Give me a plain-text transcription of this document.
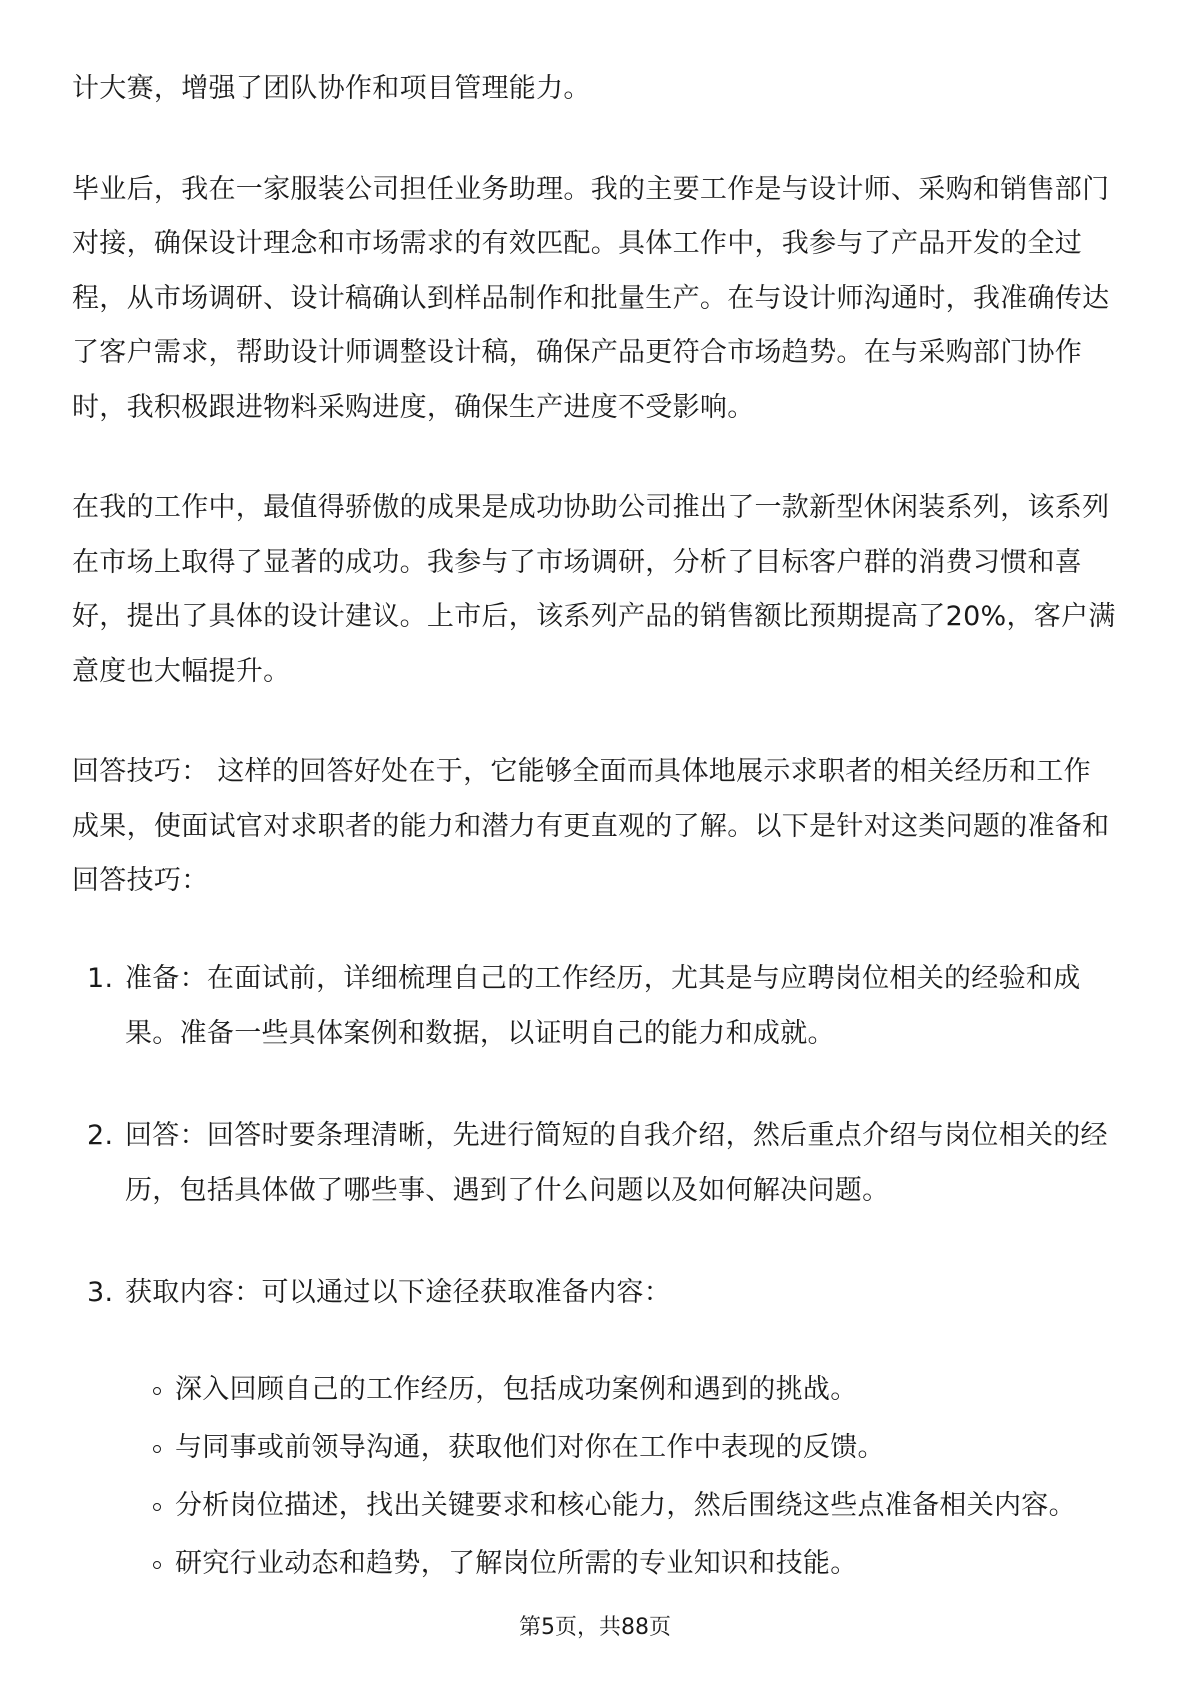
计大赛，增强了团队协作和项目管理能力。

毕业后，我在一家服装公司担任业务助理。我的主要工作是与设计师、采购和销售部门对接，确保设计理念和市场需求的有效匹配。具体工作中，我参与了产品开发的全过程，从市场调研、设计稿确认到样品制作和批量生产。在与设计师沟通时，我准确传达了客户需求，帮助设计师调整设计稿，确保产品更符合市场趋势。在与采购部门协作时，我积极跟进物料采购进度，确保生产进度不受影响。

在我的工作中，最值得骄傲的成果是成功协助公司推出了一款新型休闲装系列，该系列在市场上取得了显著的成功。我参与了市场调研，分析了目标客户群的消费习惯和喜好，提出了具体的设计建议。上市后，该系列产品的销售额比预期提高了20%，客户满意度也大幅提升。

回答技巧： 这样的回答好处在于，它能够全面而具体地展示求职者的相关经历和工作成果，使面试官对求职者的能力和潜力有更直观的了解。以下是针对这类问题的准备和回答技巧：

1. 准备：在面试前，详细梳理自己的工作经历，尤其是与应聘岗位相关的经验和成果。准备一些具体案例和数据，以证明自己的能力和成就。
2. 回答：回答时要条理清晰，先进行简短的自我介绍，然后重点介绍与岗位相关的经历，包括具体做了哪些事、遇到了什么问题以及如何解决问题。
3. 获取内容：可以通过以下途径获取准备内容：
深入回顾自己的工作经历，包括成功案例和遇到的挑战。
与同事或前领导沟通，获取他们对你在工作中表现的反馈。
分析岗位描述，找出关键要求和核心能力，然后围绕这些点准备相关内容。
研究行业动态和趋势，了解岗位所需的专业知识和技能。
第5页，共88页
